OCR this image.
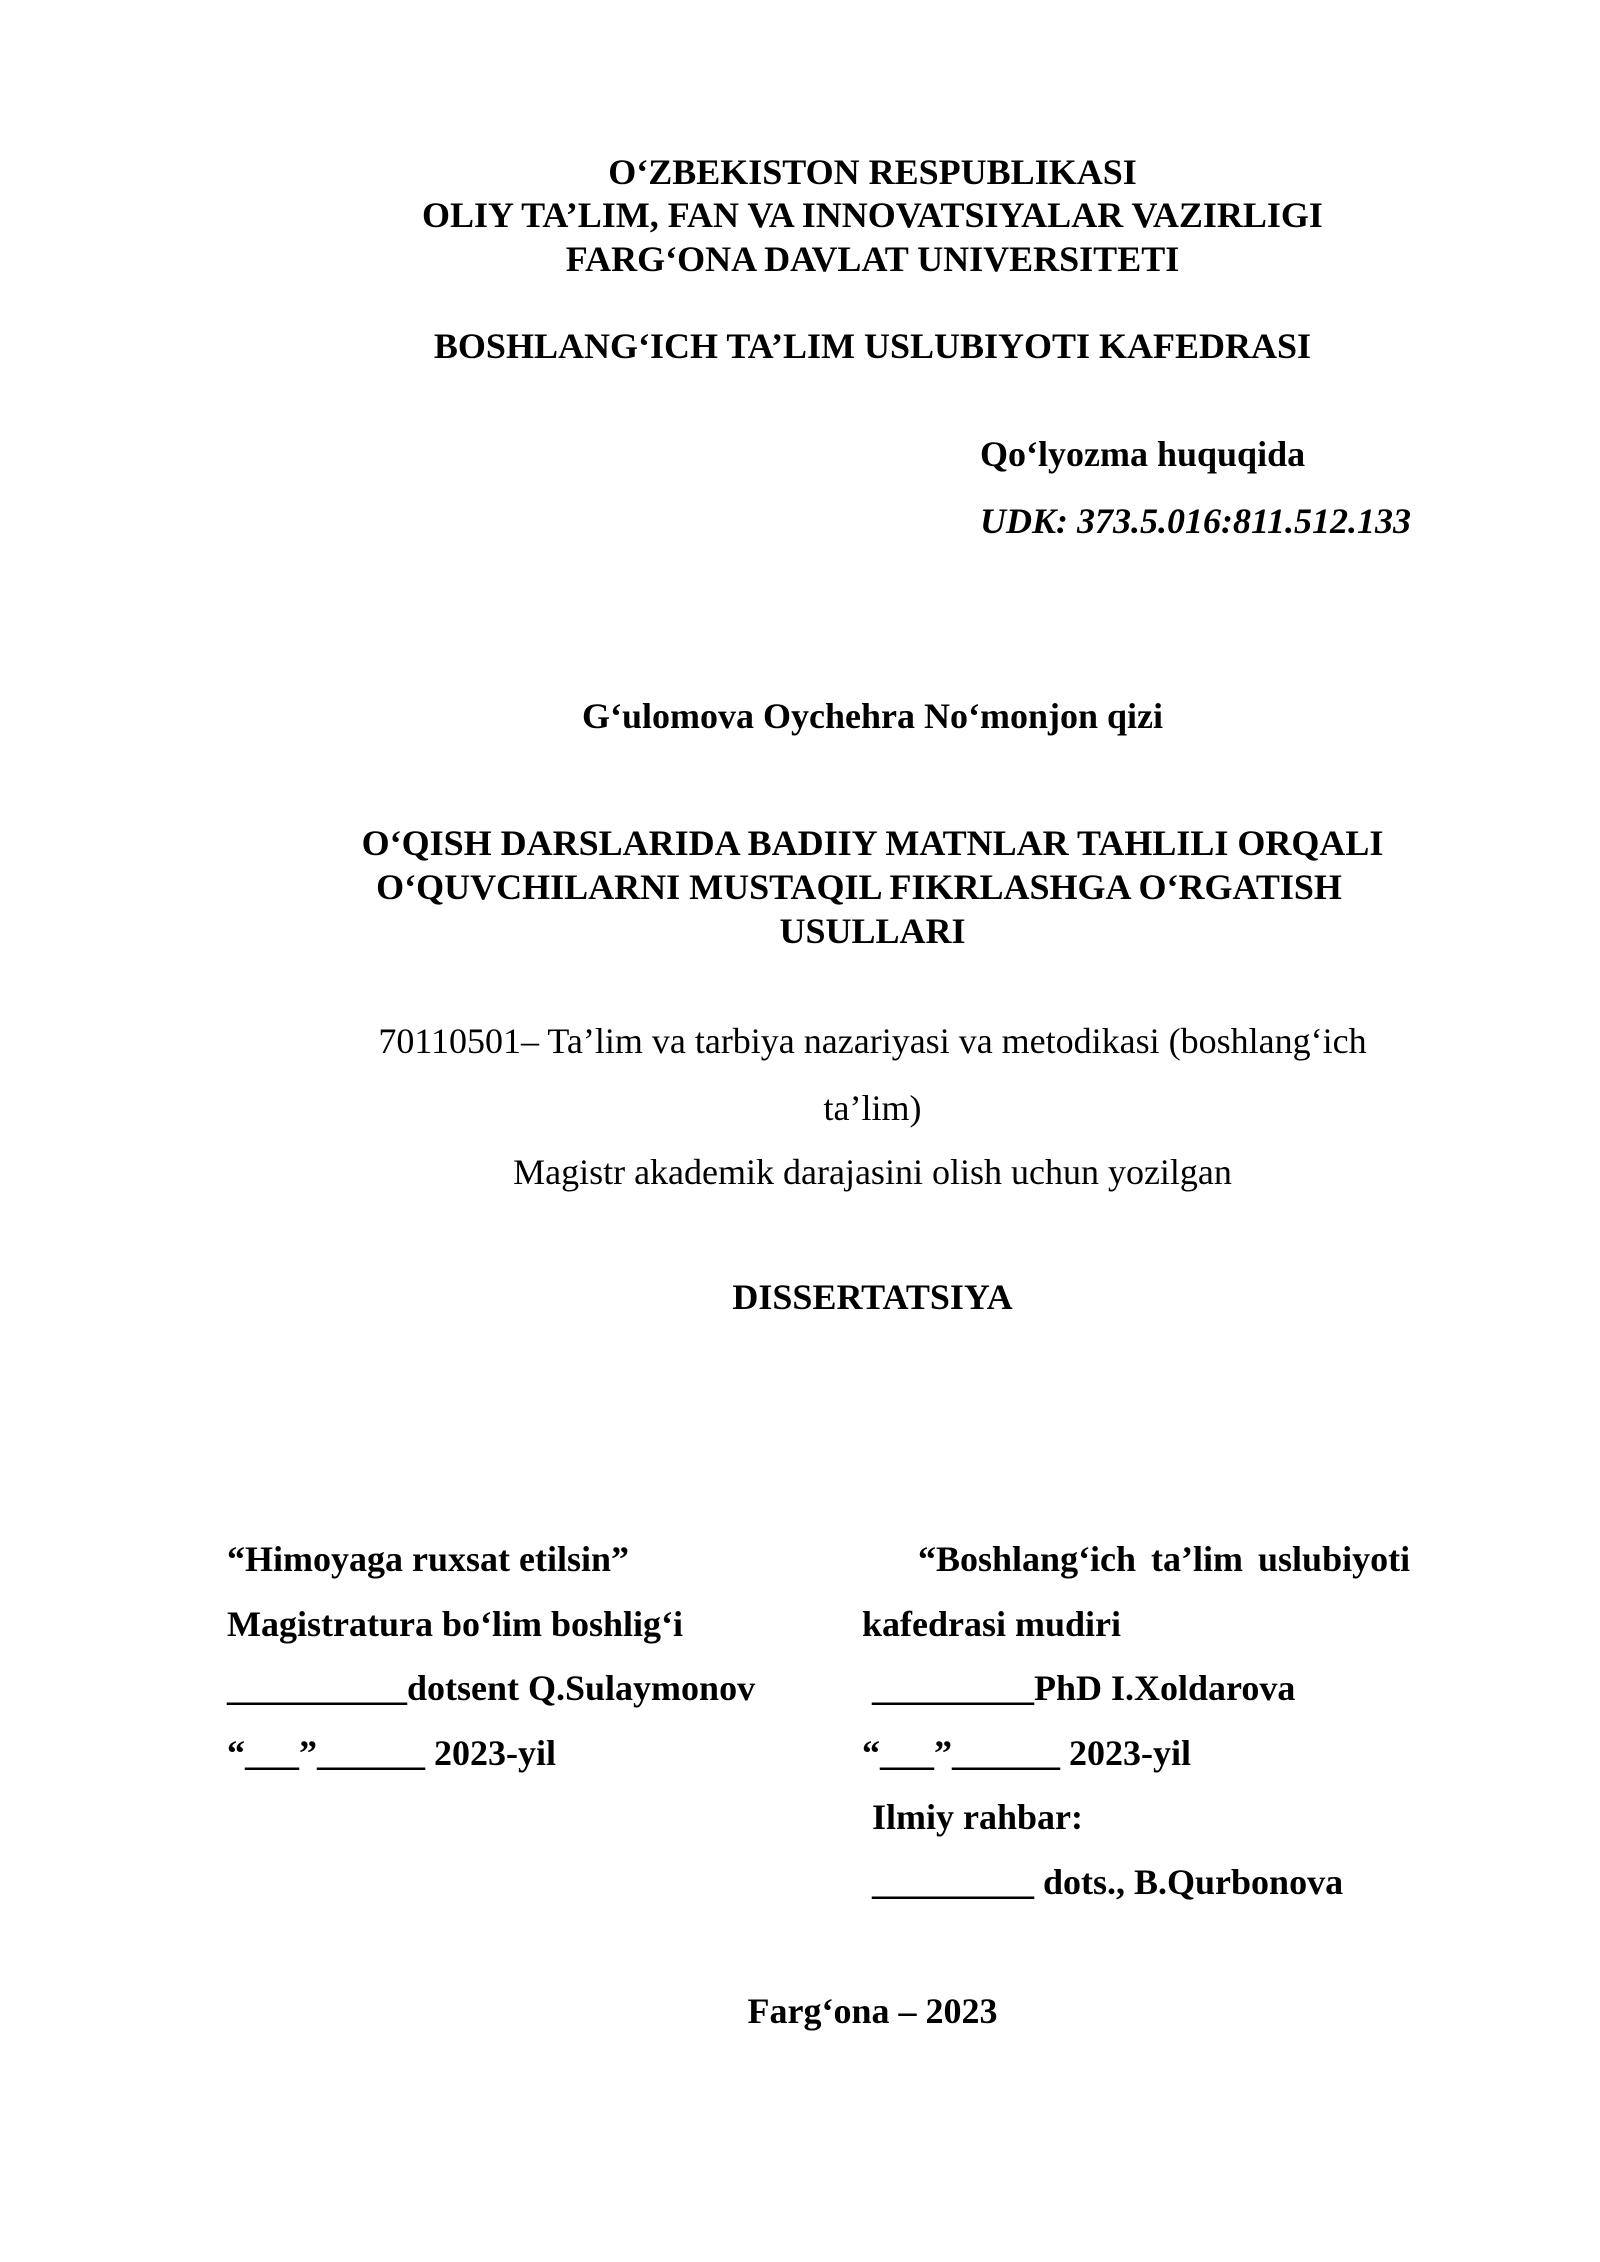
O‘ZBEKISTON RESPUBLIKASI
OLIY TA’LIM, FAN VA INNOVATSIYALAR VAZIRLIGI
FARG‘ONA DAVLAT UNIVERSITETI
BOSHLANG‘ICH TA’LIM USLUBIYOTI KAFEDRASI
Qo‘lyozma huquqida
UDK: 373.5.016:811.512.133
G‘ulomova Oychehra No‘monjon qizi
O‘QISH DARSLARIDA BADIIY MATNLAR TAHLILI ORQALI
O‘QUVCHILARNI MUSTAQIL FIKRLASHGA O‘RGATISH
USULLARI
70110501– Ta’lim va tarbiya nazariyasi va metodikasi (boshlang‘ich
ta’lim)
Magistr akademik darajasini olish uchun yozilgan
DISSERTATSIYA
“Himoyaga ruxsat etilsin”
Magistratura bo‘lim boshlig‘i
__________dotsent Q.Sulaymonov
“___”______ 2023-yil
“Boshlang‘ich ta’lim uslubiyoti
kafedrasi mudiri
_________PhD I.Xoldarova
“___”______ 2023-yil
Ilmiy rahbar:
_________ dots., B.Qurbonova
Farg‘ona – 2023
